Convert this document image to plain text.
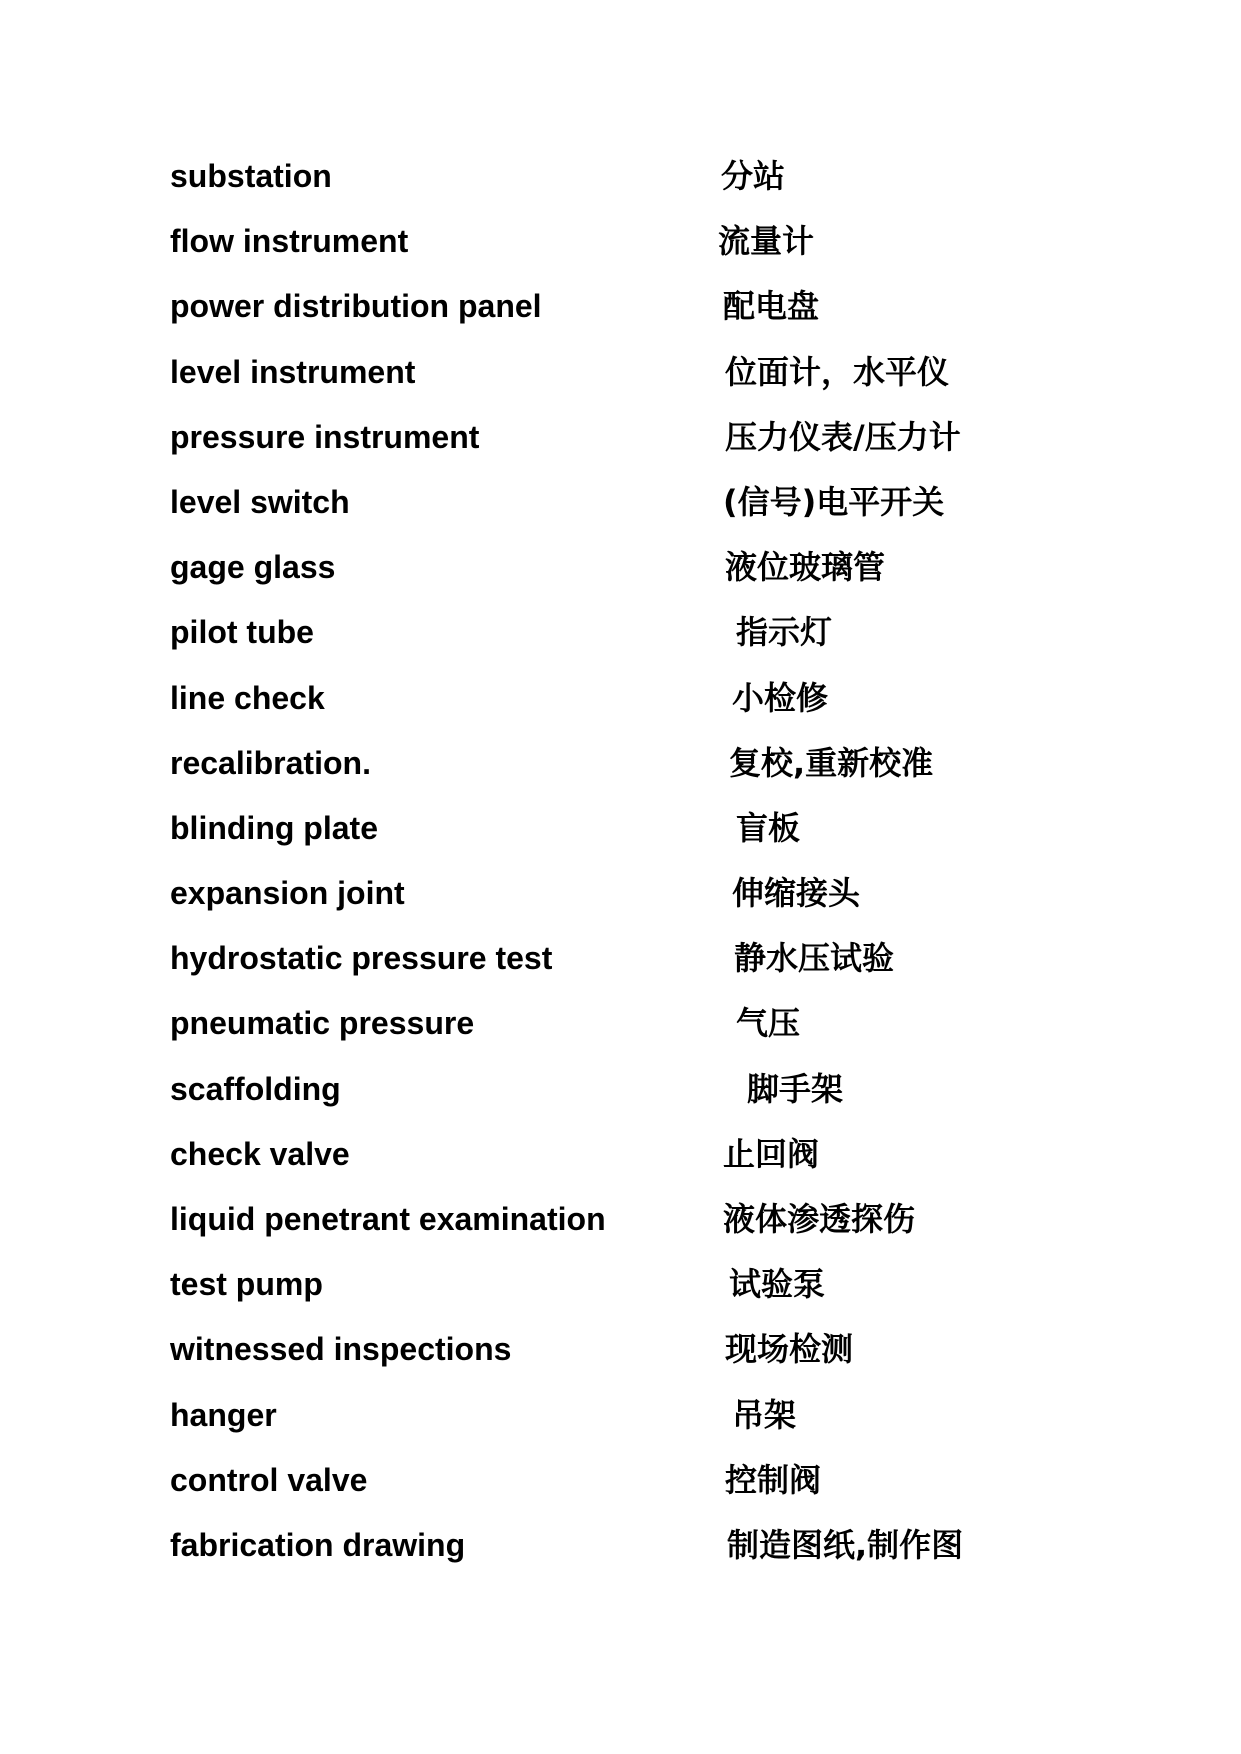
substation	分站
flow instrument	流量计
power distribution panel	配电盘
level instrument	位面计，水平仪
pressure instrument	压力仪表/压力计
level switch	(信号)电平开关
gage glass	液位玻璃管
pilot tube	指示灯
line check	小检修
recalibration.	复校,重新校准
blinding plate	盲板
expansion joint	伸缩接头
hydrostatic pressure test	静水压试验
pneumatic pressure	气压
scaffolding	脚手架
check valve	止回阀
liquid penetrant examination	液体渗透探伤
test pump	试验泵
witnessed inspections	现场检测
hanger	吊架
control valve	控制阀
fabrication drawing	制造图纸,制作图
